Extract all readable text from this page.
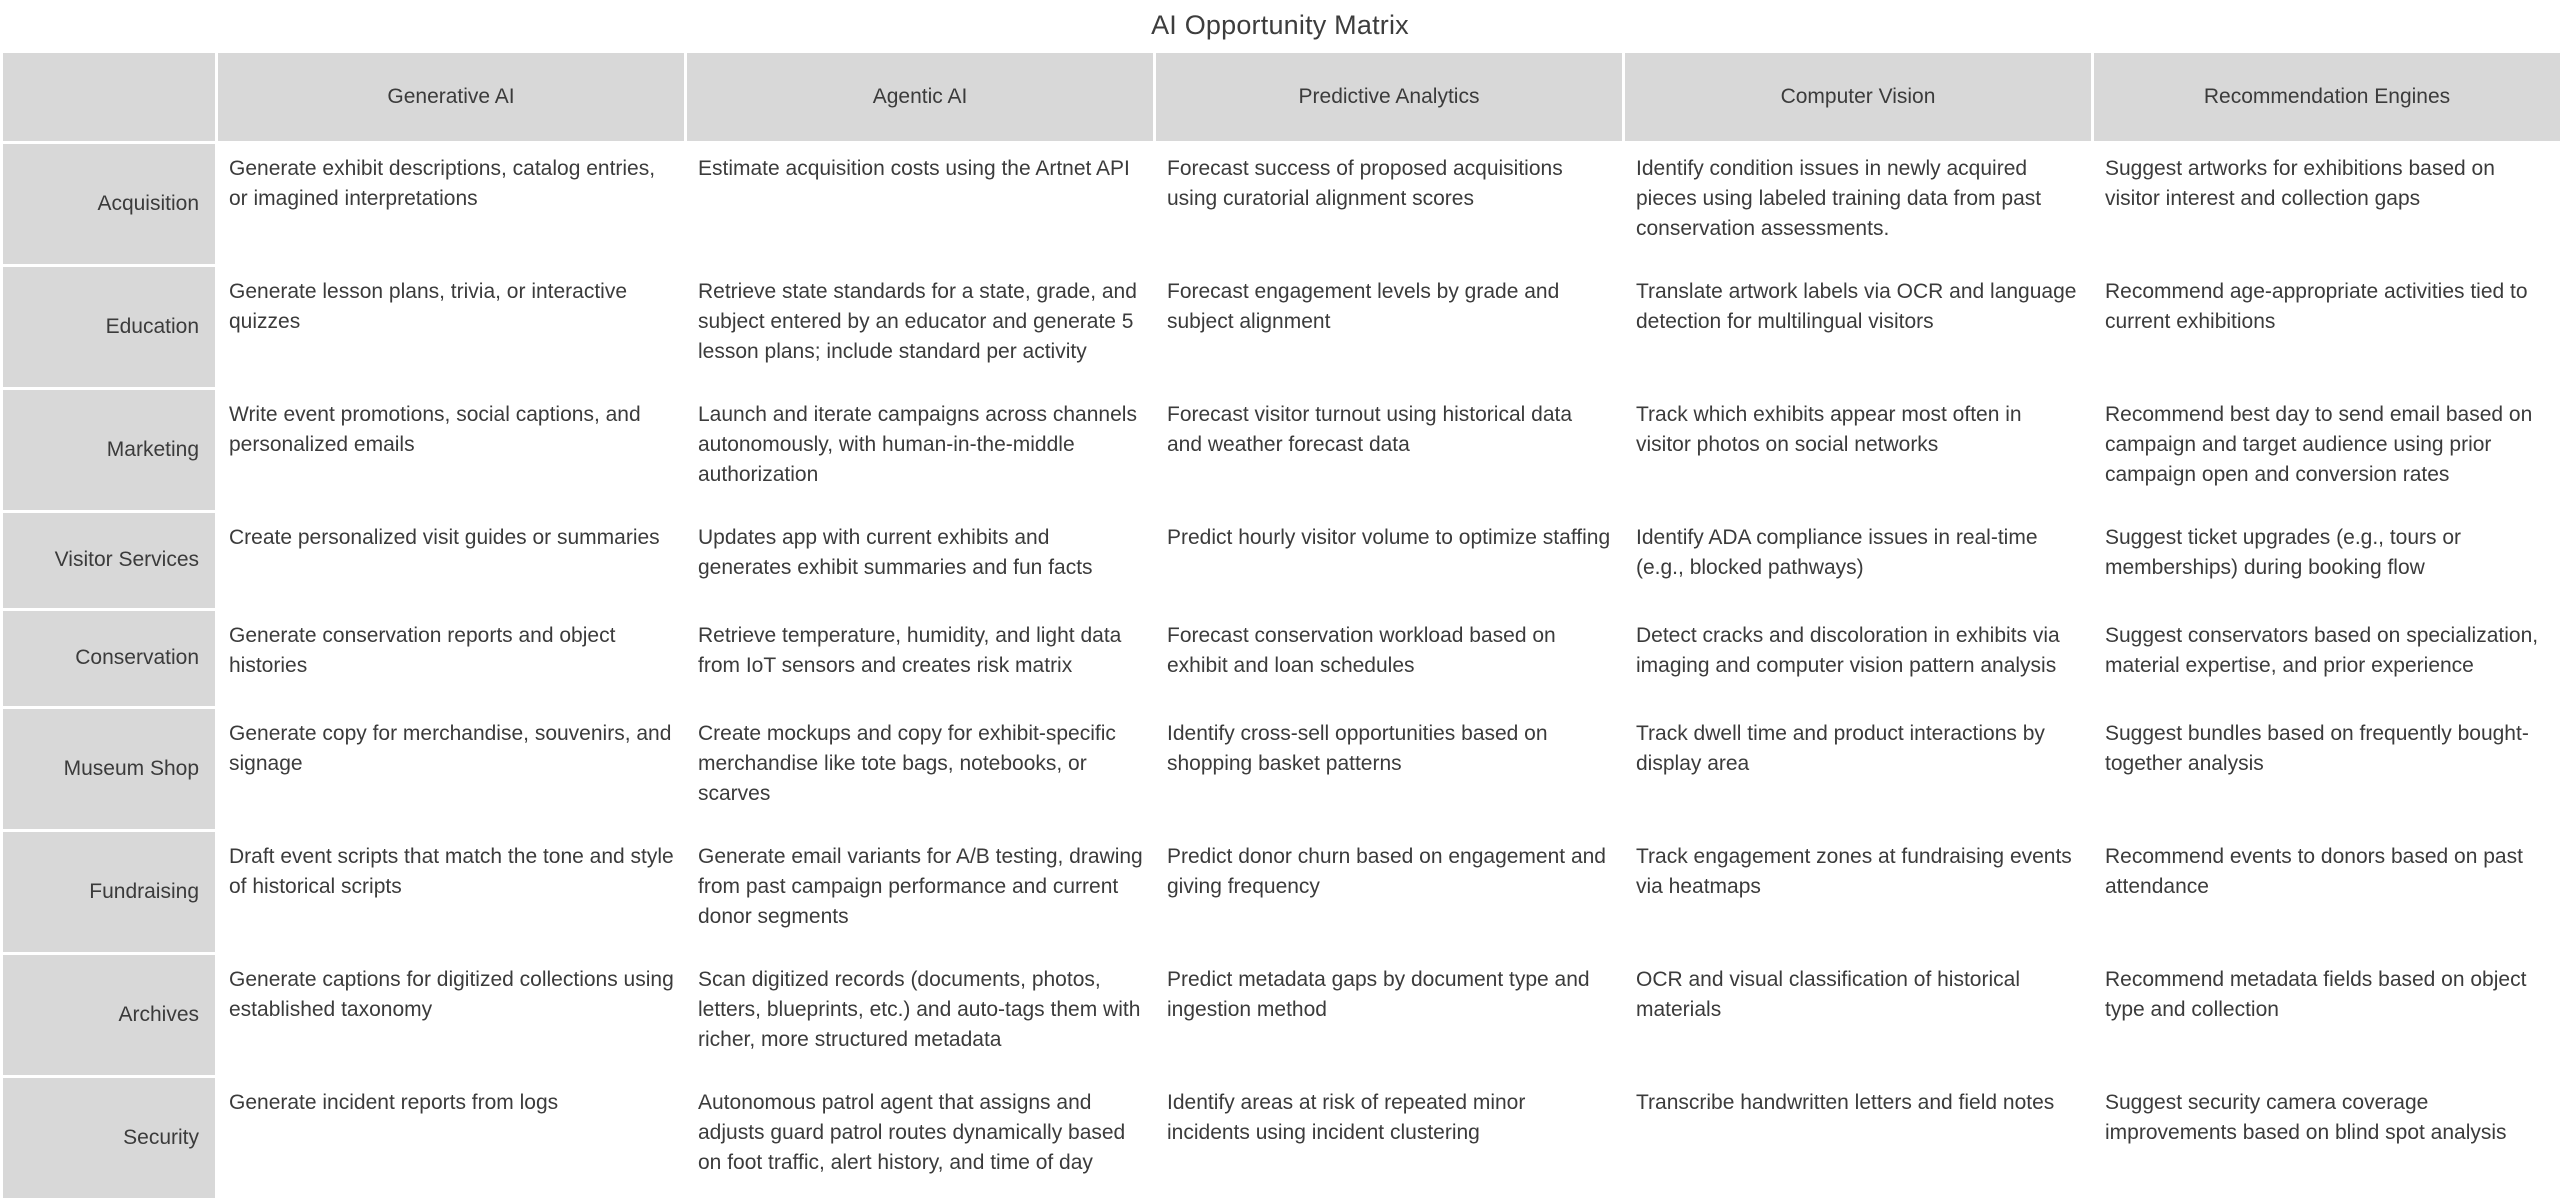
AI Opportunity Matrix
	Generative AI	Agentic AI	Predictive Analytics	Computer Vision	Recommendation Engines
Acquisition	Generate exhibit descriptions, catalog entries, or imagined interpretations	Estimate acquisition costs using the Artnet API	Forecast success of proposed acquisitions using curatorial alignment scores	Identify condition issues in newly acquired pieces using labeled training data from past conservation assessments.	Suggest artworks for exhibitions based on visitor interest and collection gaps
Education	Generate lesson plans, trivia, or interactive quizzes	Retrieve state standards for a state, grade, and subject entered by an educator and generate 5 lesson plans; include standard per activity	Forecast engagement levels by grade and subject alignment	Translate artwork labels via OCR and language detection for multilingual visitors	Recommend age-appropriate activities tied to current exhibitions
Marketing	Write event promotions, social captions, and personalized emails	Launch and iterate campaigns across channels autonomously, with human-in-the-middle authorization	Forecast visitor turnout using historical data and weather forecast data	Track which exhibits appear most often in visitor photos on social networks	Recommend best day to send email based on campaign and target audience using prior campaign open and conversion rates
Visitor Services	Create personalized visit guides or summaries	Updates app with current exhibits and generates exhibit summaries and fun facts	Predict hourly visitor volume to optimize staffing	Identify ADA compliance issues in real-time (e.g., blocked pathways)	Suggest ticket upgrades (e.g., tours or memberships) during booking flow
Conservation	Generate conservation reports and object histories	Retrieve temperature, humidity, and light data from IoT sensors and creates risk matrix	Forecast conservation workload based on exhibit and loan schedules	Detect cracks and discoloration in exhibits via imaging and computer vision pattern analysis	Suggest conservators based on specialization, material expertise, and prior experience
Museum Shop	Generate copy for merchandise, souvenirs, and signage	Create mockups and copy for exhibit-specific merchandise like tote bags, notebooks, or scarves	Identify cross-sell opportunities based on shopping basket patterns	Track dwell time and product interactions by display area	Suggest bundles based on frequently bought-together analysis
Fundraising	Draft event scripts that match the tone and style of historical scripts	Generate email variants for A/B testing, drawing from past campaign performance and current donor segments	Predict donor churn based on engagement and giving frequency	Track engagement zones at fundraising events via heatmaps	Recommend events to donors based on past attendance
Archives	Generate captions for digitized collections using established taxonomy	Scan digitized records (documents, photos, letters, blueprints, etc.) and auto-tags them with richer, more structured metadata	Predict metadata gaps by document type and ingestion method	OCR and visual classification of historical materials	Recommend metadata fields based on object type and collection
Security	Generate incident reports from logs	Autonomous patrol agent that assigns and adjusts guard patrol routes dynamically based on foot traffic, alert history, and time of day	Identify areas at risk of repeated minor incidents using incident clustering	Transcribe handwritten letters and field notes	Suggest security camera coverage improvements based on blind spot analysis
